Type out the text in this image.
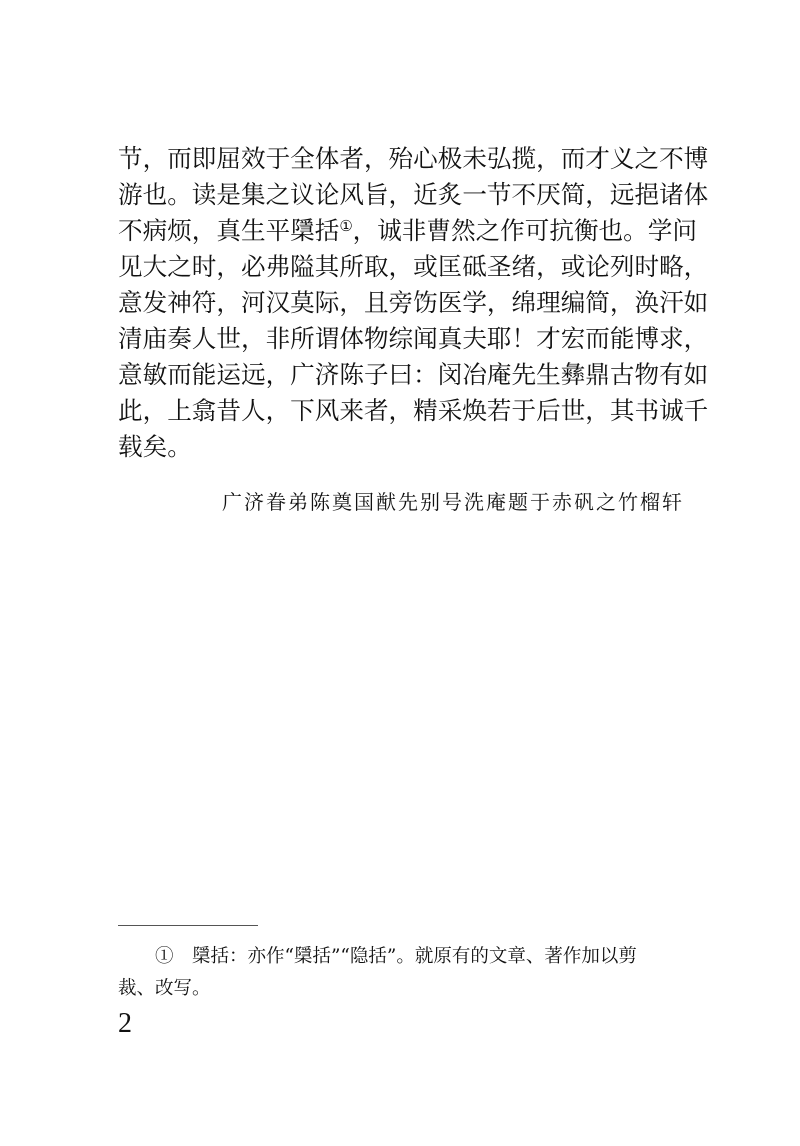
节，而即屈效于全体者，殆心极未弘揽，而才义之不博
游也。读是集之议论风旨，近炙一节不厌简，远挹诸体
不病烦，真生平檃括①，诚非曹然之作可抗衡也。学问
见大之时，必弗隘其所取，或匡砥圣绪，或论列时略，
意发神符，河汉莫际，且旁饬医学，绵理编简，涣汗如
清庙奏人世，非所谓体物综闻真夫耶！才宏而能博求，
意敏而能运远，广济陈子曰：闵冶庵先生彝鼎古物有如
此，上翕昔人，下风来者，精采焕若于后世，其书诚千
载矣。
广济眷弟陈奠国猷先别号洗庵题于赤矾之竹榴轩
①　檃括：亦作“檃括”“隐括”。就原有的文章、著作加以剪
裁、改写。
2
